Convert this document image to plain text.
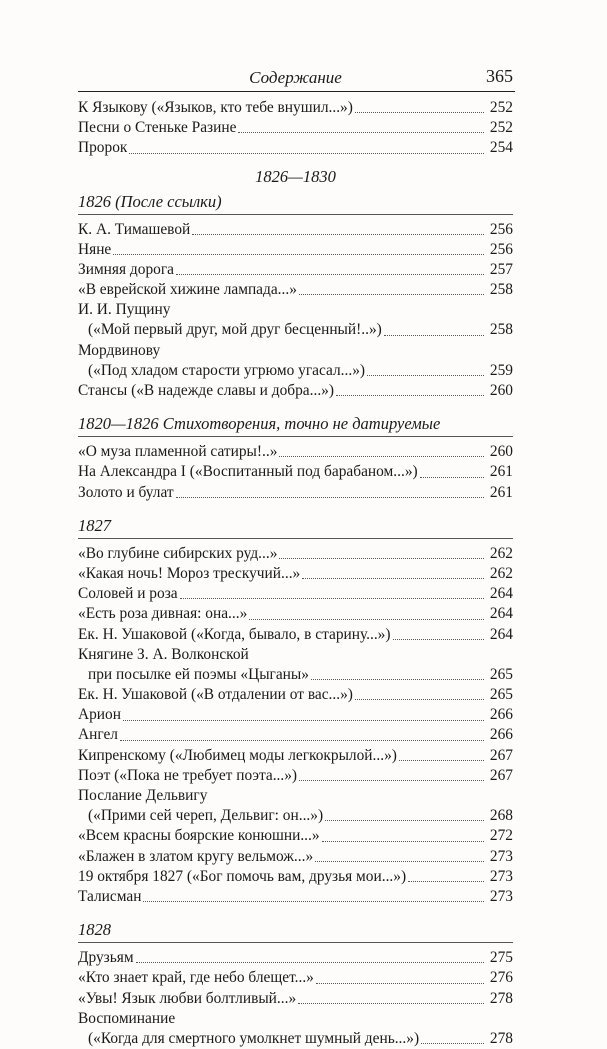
Содержание	365
К Языкову («Языков, кто тебе внушил...»)	252
Песни о Стеньке Разине	252
Пророк	254
1826—1830
1826 (После ссылки)
К. А. Тимашевой	256
Няне	256
Зимняя дорога	257
«В еврейской хижине лампада...»	258
И. И. Пущину
(«Мой первый друг, мой друг бесценный!..»)	258
Мордвинову
(«Под хладом старости угрюмо угасал...»)	259
Стансы («В надежде славы и добра...»)	260
1820—1826 Стихотворения, точно не датируемые
«О муза пламенной сатиры!..»	260
На Александра I («Воспитанный под барабаном...»)	261
Золото и булат	261
1827
«Во глубине сибирских руд...»	262
«Какая ночь! Мороз трескучий...»	262
Соловей и роза	264
«Есть роза дивная: она...»	264
Ек. Н. Ушаковой («Когда, бывало, в старину...»)	264
Княгине З. А. Волконской
при посылке ей поэмы «Цыганы»	265
Ек. Н. Ушаковой («В отдалении от вас...»)	265
Арион	266
Ангел	266
Кипренскому («Любимец моды легкокрылой...»)	267
Поэт («Пока не требует поэта...»)	267
Послание Дельвигу
(«Прими сей череп, Дельвиг: он...»)	268
«Всем красны боярские конюшни...»	272
«Блажен в златом кругу вельмож...»	273
19 октября 1827 («Бог помочь вам, друзья мои...»)	273
Талисман	273
1828
Друзьям	275
«Кто знает край, где небо блещет...»	276
«Увы! Язык любви болтливый...»	278
Воспоминание
(«Когда для смертного умолкнет шумный день...»)	278
